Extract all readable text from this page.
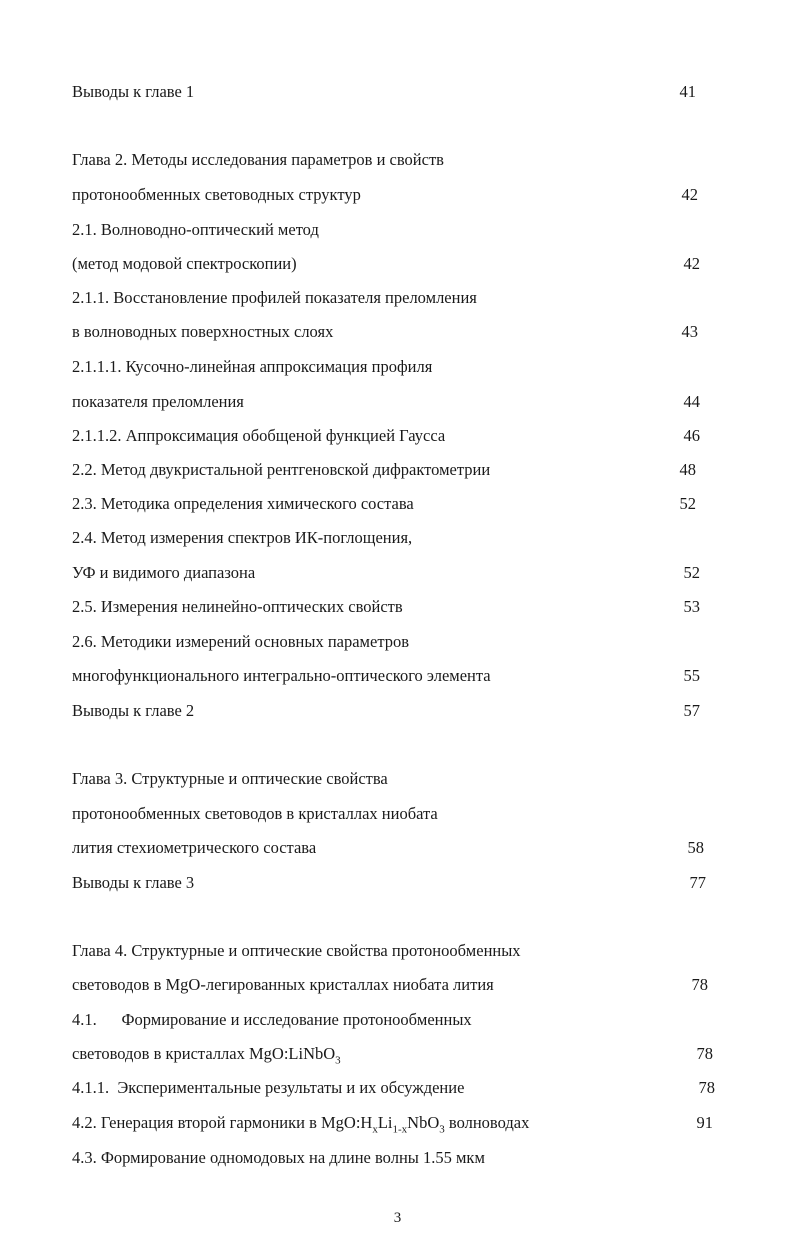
Выводы к главе 1	41
Глава 2. Методы исследования параметров и свойств
протонообменных световодных структур	42
2.1. Волноводно-оптический метод
(метод модовой спектроскопии)	42
2.1.1. Восстановление профилей показателя преломления
в волноводных поверхностных слоях	43
2.1.1.1. Кусочно-линейная аппроксимация профиля
показателя преломления	44
2.1.1.2. Аппроксимация обобщеной функцией Гаусса	46
2.2. Метод двукристальной рентгеновской дифрактометрии	48
2.3. Методика определения химического состава	52
2.4. Метод измерения спектров ИК-поглощения,
УФ и видимого диапазона	52
2.5. Измерения нелинейно-оптических свойств	53
2.6. Методики измерений основных параметров
многофункционального интегрально-оптического элемента	55
Выводы к главе 2	57
Глава 3. Структурные и оптические свойства
протонообменных световодов в кристаллах ниобата
лития стехиометрического состава	58
Выводы к главе 3	77
Глава 4. Структурные и оптические свойства протонообменных
световодов в MgO-легированных кристаллах ниобата лития	78
4.1.      Формирование и исследование протонообменных
световодов в кристаллах MgO:LiNbO$_3$	78
4.1.1.  Экспериментальные результаты и их обсуждение	78
4.2. Генерация второй гармоники в $MgO:H_xLi_{1-x}NbO_3$ волноводах	91
4.3. Формирование одномодовых на длине волны 1.55 мкм
3
